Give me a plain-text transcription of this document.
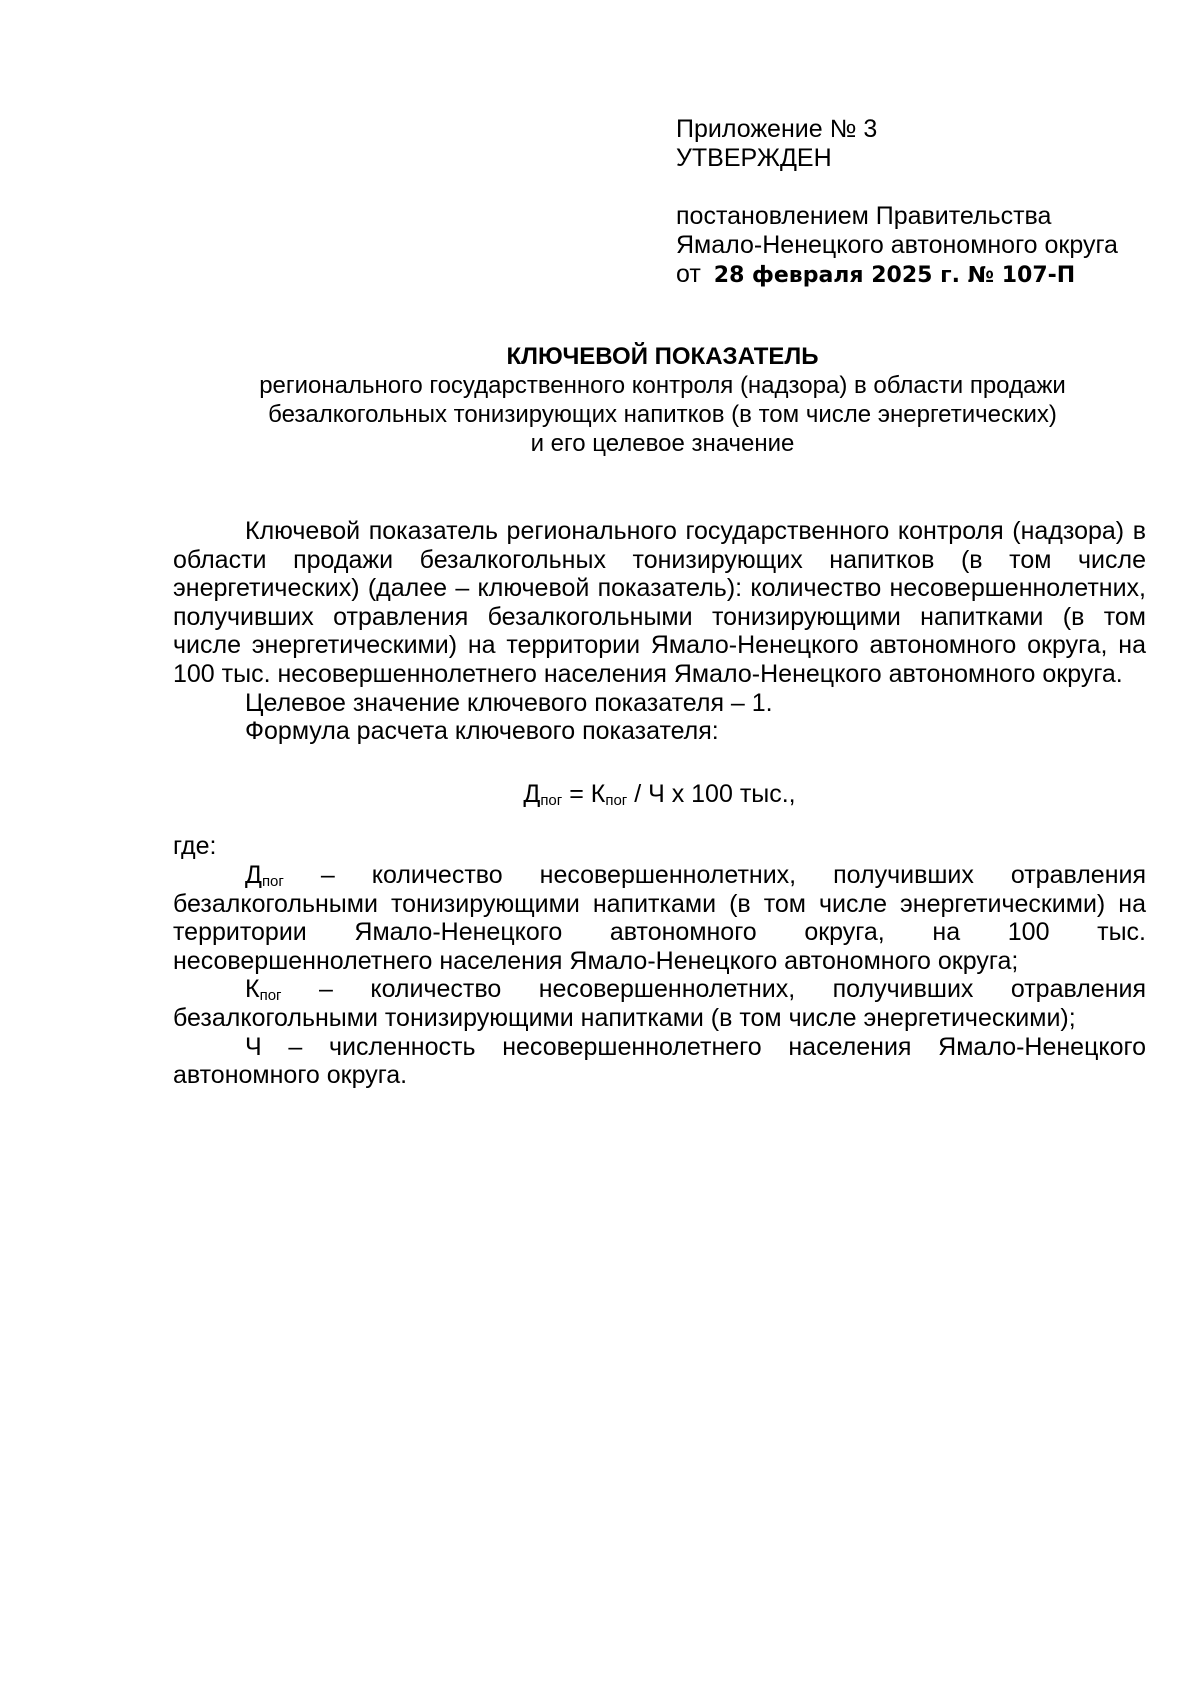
Приложение № 3
УТВЕРЖДЕН
постановлением Правительства
Ямало-Ненецкого автономного округа
от 28 февраля 2025 г. № 107-П
КЛЮЧЕВОЙ ПОКАЗАТЕЛЬ
регионального государственного контроля (надзора) в области продажи
безалкогольных тонизирующих напитков (в том числе энергетических)
и его целевое значение

Ключевой показатель регионального государственного контроля (надзора) в области продажи безалкогольных тонизирующих напитков (в том числе энергетических) (далее – ключевой показатель): количество несовершеннолетних, получивших отравления безалкогольными тонизирующими напитками (в том числе энергетическими) на территории Ямало-Ненецкого автономного округа, на 100 тыс. несовершеннолетнего населения Ямало-Ненецкого автономного округа.

Целевое значение ключевого показателя – 1.

Формула расчета ключевого показателя:

$Д_{пог} = К_{пог} / Ч$ х 100 тыс.,

где:

$Д_{пог}$ – количество несовершеннолетних, получивших отравления безалкогольными тонизирующими напитками (в том числе энергетическими) на территории Ямало-Ненецкого автономного округа, на 100 тыс. несовершеннолетнего населения Ямало-Ненецкого автономного округа;

$К_{пог}$ – количество несовершеннолетних, получивших отравления безалкогольными тонизирующими напитками (в том числе энергетическими);

Ч – численность несовершеннолетнего населения Ямало-Ненецкого автономного округа.
